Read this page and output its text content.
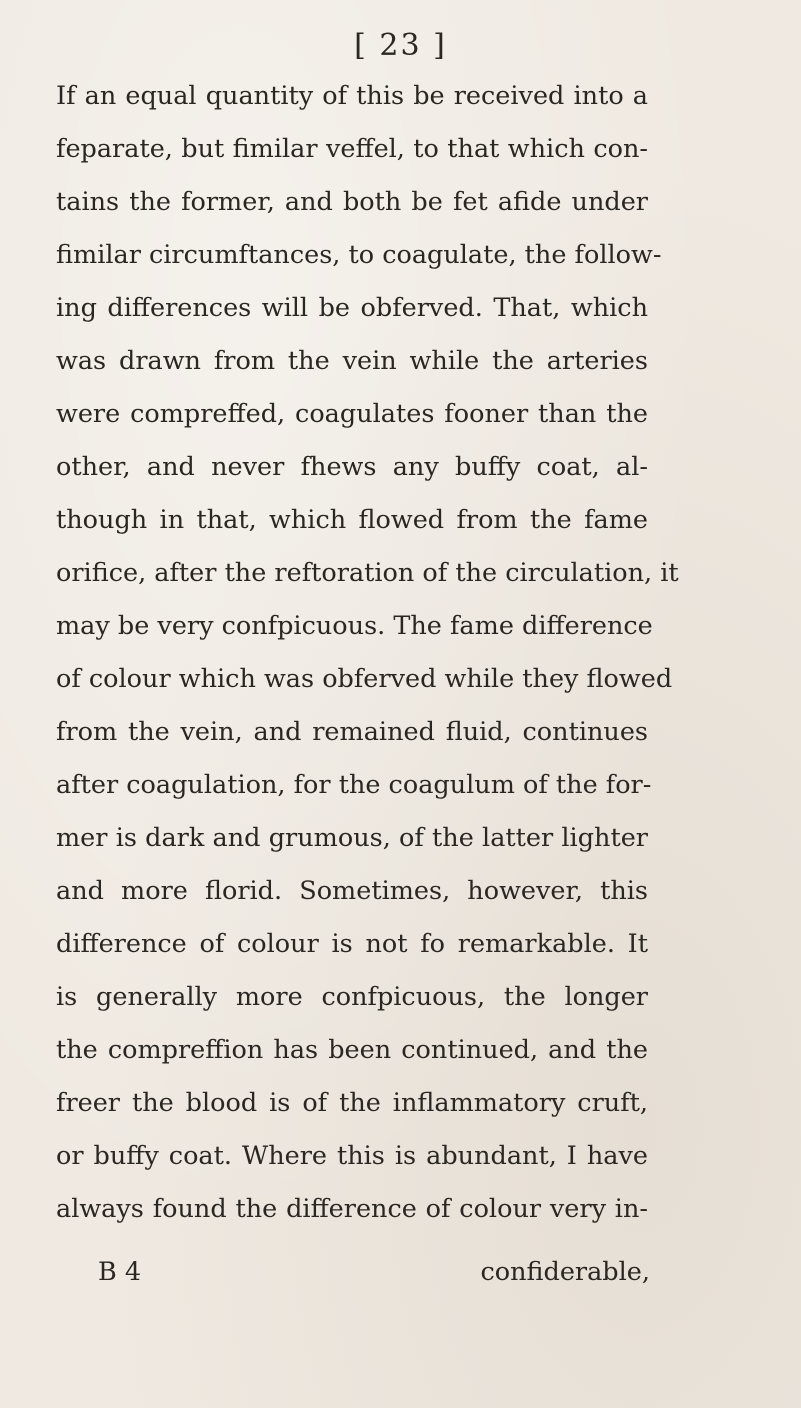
[ 23 ]
If an equal quantity of this be received into a
feparate, but fimilar veffel, to that which con-
tains the former, and both be fet afide under
fimilar circumftances, to coagulate, the follow-
ing differences will be obferved. That, which
was drawn from the vein while the arteries
were compreffed, coagulates fooner than the
other, and never fhews any buffy coat, al-
though in that, which flowed from the fame
orifice, after the reftoration of the circulation, it
may be very confpicuous. The fame difference
of colour which was obferved while they flowed
from the vein, and remained fluid, continues
after coagulation, for the coagulum of the for-
mer is dark and grumous, of the latter lighter
and more florid. Sometimes, however, this
difference of colour is not fo remarkable. It
is generally more confpicuous, the longer
the compreffion has been continued, and the
freer the blood is of the inflammatory cruft,
or buffy coat. Where this is abundant, I have
always found the difference of colour very in-
B 4	confiderable,
